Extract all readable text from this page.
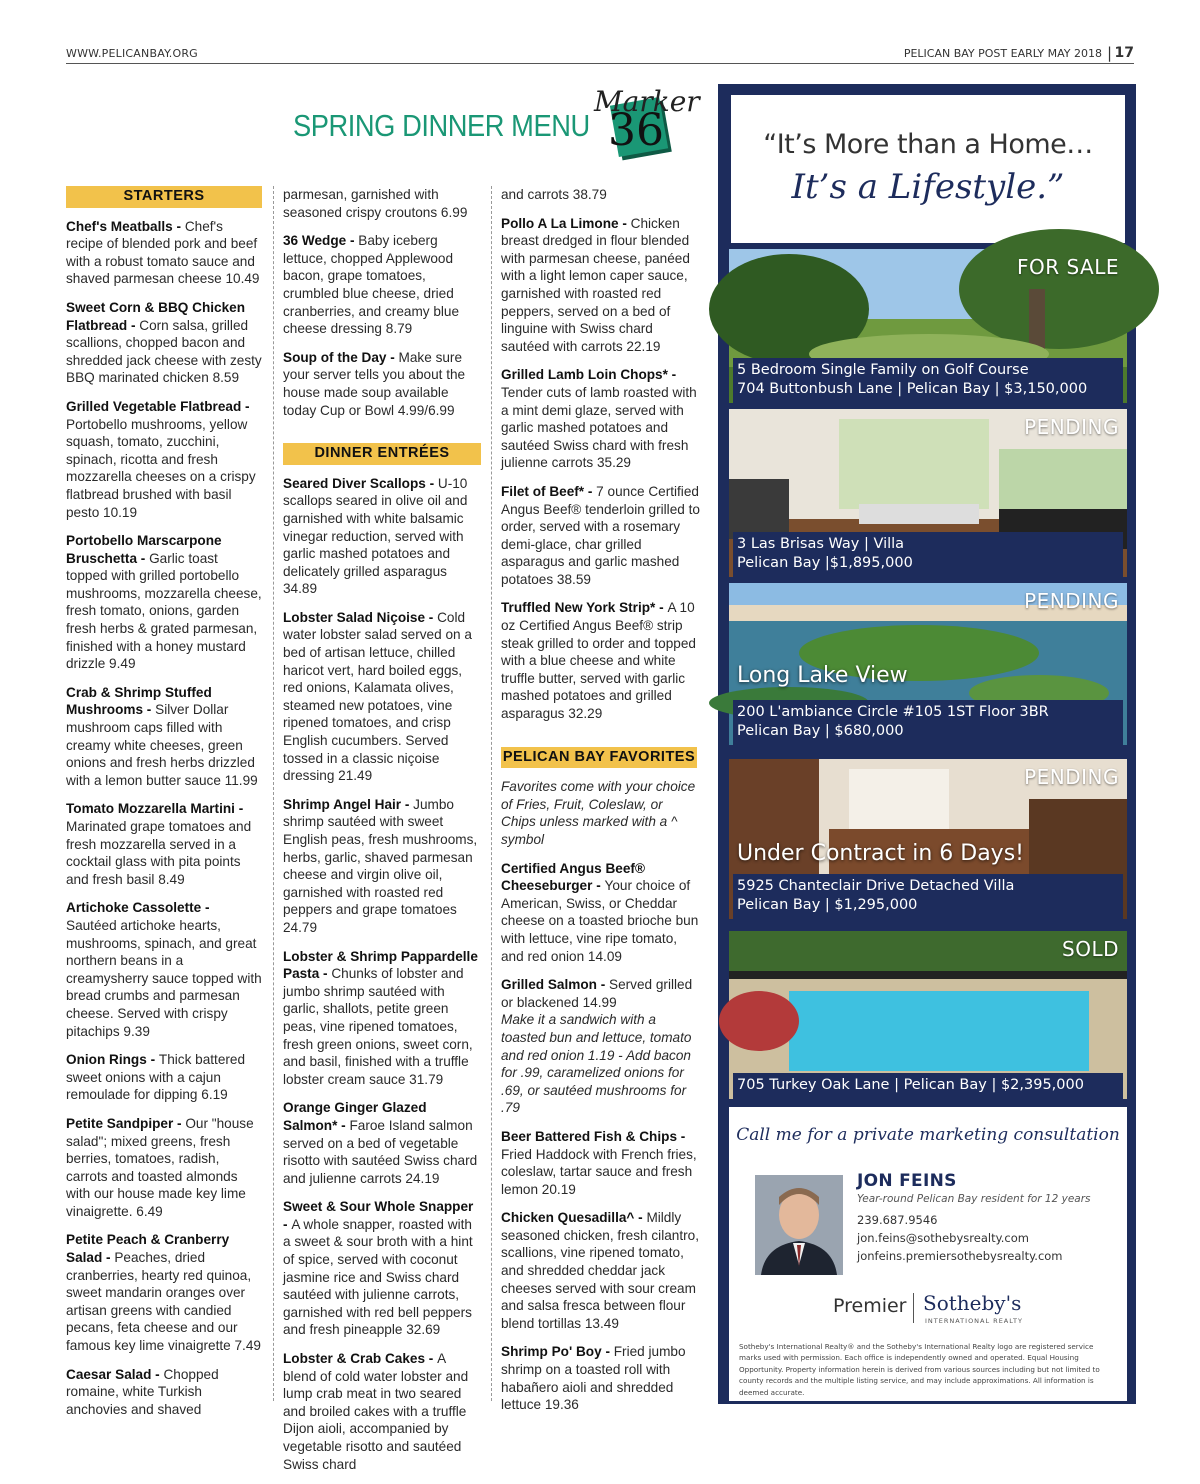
WWW.PELICANBAY.ORG	PELICAN BAY POST EARLY MAY 2018 | 17
SPRING DINNER MENU 36
Marker
STARTERS
Chef's Meatballs - Chef's recipe of blended pork and beef with a robust tomato sauce and shaved parmesan cheese 10.49
Sweet Corn & BBQ Chicken Flatbread - Corn salsa, grilled scallions, chopped bacon and shredded jack cheese with zesty BBQ marinated chicken 8.59
Grilled Vegetable Flatbread - Portobello mushrooms, yellow squash, tomato, zucchini, spinach, ricotta and fresh mozzarella cheeses on a crispy flatbread brushed with basil pesto 10.19
Portobello Marscarpone Bruschetta - Garlic toast topped with grilled portobello mushrooms, mozzarella cheese, fresh tomato, onions, garden fresh herbs & grated parmesan, finished with a honey mustard drizzle 9.49
Crab & Shrimp Stuffed Mushrooms - Silver Dollar mushroom caps filled with creamy white cheeses, green onions and fresh herbs drizzled with a lemon butter sauce 11.99
Tomato Mozzarella Martini - Marinated grape tomatoes and fresh mozzarella served in a cocktail glass with pita points and fresh basil 8.49
Artichoke Cassolette - Sautéed artichoke hearts, mushrooms, spinach, and great northern beans in a creamysherry sauce topped with bread crumbs and parmesan cheese. Served with crispy pitachips 9.39
Onion Rings - Thick battered sweet onions with a cajun remoulade for dipping 6.19
Petite Sandpiper - Our "house salad"; mixed greens, fresh berries, tomatoes, radish, carrots and toasted almonds with our house made key lime vinaigrette. 6.49
Petite Peach & Cranberry Salad - Peaches, dried cranberries, hearty red quinoa, sweet mandarin oranges over artisan greens with candied pecans, feta cheese and our famous key lime vinaigrette 7.49
Caesar Salad - Chopped romaine, white Turkish anchovies and shaved
parmesan, garnished with seasoned crispy croutons 6.99
36 Wedge - Baby iceberg lettuce, chopped Applewood bacon, grape tomatoes, crumbled blue cheese, dried cranberries, and creamy blue cheese dressing 8.79
Soup of the Day - Make sure your server tells you about the house made soup available today Cup or Bowl 4.99/6.99
DINNER ENTRÉES
Seared Diver Scallops - U-10 scallops seared in olive oil and garnished with white balsamic vinegar reduction, served with garlic mashed potatoes and delicately grilled asparagus 34.89
Lobster Salad Niçoise - Cold water lobster salad served on a bed of artisan lettuce, chilled haricot vert, hard boiled eggs, red onions, Kalamata olives, steamed new potatoes, vine ripened tomatoes, and crisp English cucumbers. Served tossed in a classic niçoise dressing 21.49
Shrimp Angel Hair - Jumbo shrimp sautéed with sweet English peas, fresh mushrooms, herbs, garlic, shaved parmesan cheese and virgin olive oil, garnished with roasted red peppers and grape tomatoes 24.79
Lobster & Shrimp Pappardelle Pasta - Chunks of lobster and jumbo shrimp sautéed with garlic, shallots, petite green peas, vine ripened tomatoes, fresh green onions, sweet corn, and basil, finished with a truffle lobster cream sauce 31.79
Orange Ginger Glazed Salmon* - Faroe Island salmon served on a bed of vegetable risotto with sautéed Swiss chard and julienne carrots 24.19
Sweet & Sour Whole Snapper - A whole snapper, roasted with a sweet & sour broth with a hint of spice, served with coconut jasmine rice and Swiss chard sautéed with julienne carrots, garnished with red bell peppers and fresh pineapple 32.69
Lobster & Crab Cakes - A blend of cold water lobster and lump crab meat in two seared and broiled cakes with a truffle Dijon aioli, accompanied by vegetable risotto and sautéed Swiss chard
and carrots 38.79
Pollo A La Limone - Chicken breast dredged in flour blended with parmesan cheese, panéed with a light lemon caper sauce, garnished with roasted red peppers, served on a bed of linguine with Swiss chard sautéed with carrots 22.19
Grilled Lamb Loin Chops* - Tender cuts of lamb roasted with a mint demi glaze, served with garlic mashed potatoes and sautéed Swiss chard with fresh julienne carrots 35.29
Filet of Beef* - 7 ounce Certified Angus Beef® tenderloin grilled to order, served with a rosemary demi-glace, char grilled asparagus and garlic mashed potatoes 38.59
Truffled New York Strip* - A 10 oz Certified Angus Beef® strip steak grilled to order and topped with a blue cheese and white truffle butter, served with garlic mashed potatoes and grilled asparagus 32.29
PELICAN BAY FAVORITES
Favorites come with your choice of Fries, Fruit, Coleslaw, or Chips unless marked with a ^ symbol
Certified Angus Beef® Cheeseburger - Your choice of American, Swiss, or Cheddar cheese on a toasted brioche bun with lettuce, vine ripe tomato, and red onion 14.09
Grilled Salmon - Served grilled or blackened 14.99
Make it a sandwich with a toasted bun and lettuce, tomato and red onion 1.19 - Add bacon for .99, caramelized onions for .69, or sautéed mushrooms for .79
Beer Battered Fish & Chips - Fried Haddock with French fries, coleslaw, tartar sauce and fresh lemon 20.19
Chicken Quesadilla^ - Mildly seasoned chicken, fresh cilantro, scallions, vine ripened tomato, and shredded cheddar jack cheeses served with sour cream and salsa fresca between flour blend tortillas 13.49
Shrimp Po' Boy - Fried jumbo shrimp on a toasted roll with habañero aioli and shredded lettuce 19.36
“It’s More than a Home…
It’s a Lifestyle.”
FOR SALE
5 Bedroom Single Family on Golf Course
704 Buttonbush Lane | Pelican Bay | $3,150,000
PENDING
3 Las Brisas Way | Villa
Pelican Bay |$1,895,000
PENDING
Long Lake View
200 L'ambiance Circle #105 1ST Floor 3BR
Pelican Bay | $680,000
PENDING
Under Contract in 6 Days!
5925 Chanteclair Drive Detached Villa
Pelican Bay | $1,295,000
SOLD
705 Turkey Oak Lane | Pelican Bay | $2,395,000
Call me for a private marketing consultation
JON FEINS
Year-round Pelican Bay resident for 12 years
239.687.9546
jon.feins@sothebysrealty.com
jonfeins.premiersothebysrealty.com
Premier Sotheby's
INTERNATIONAL REALTY
Sotheby's International Realty® and the Sotheby's International Realty logo are registered service marks used with permission. Each office is independently owned and operated. Equal Housing Opportunity. Property information herein is derived from various sources including but not limited to county records and the multiple listing service, and may include approximations. All information is deemed accurate.
